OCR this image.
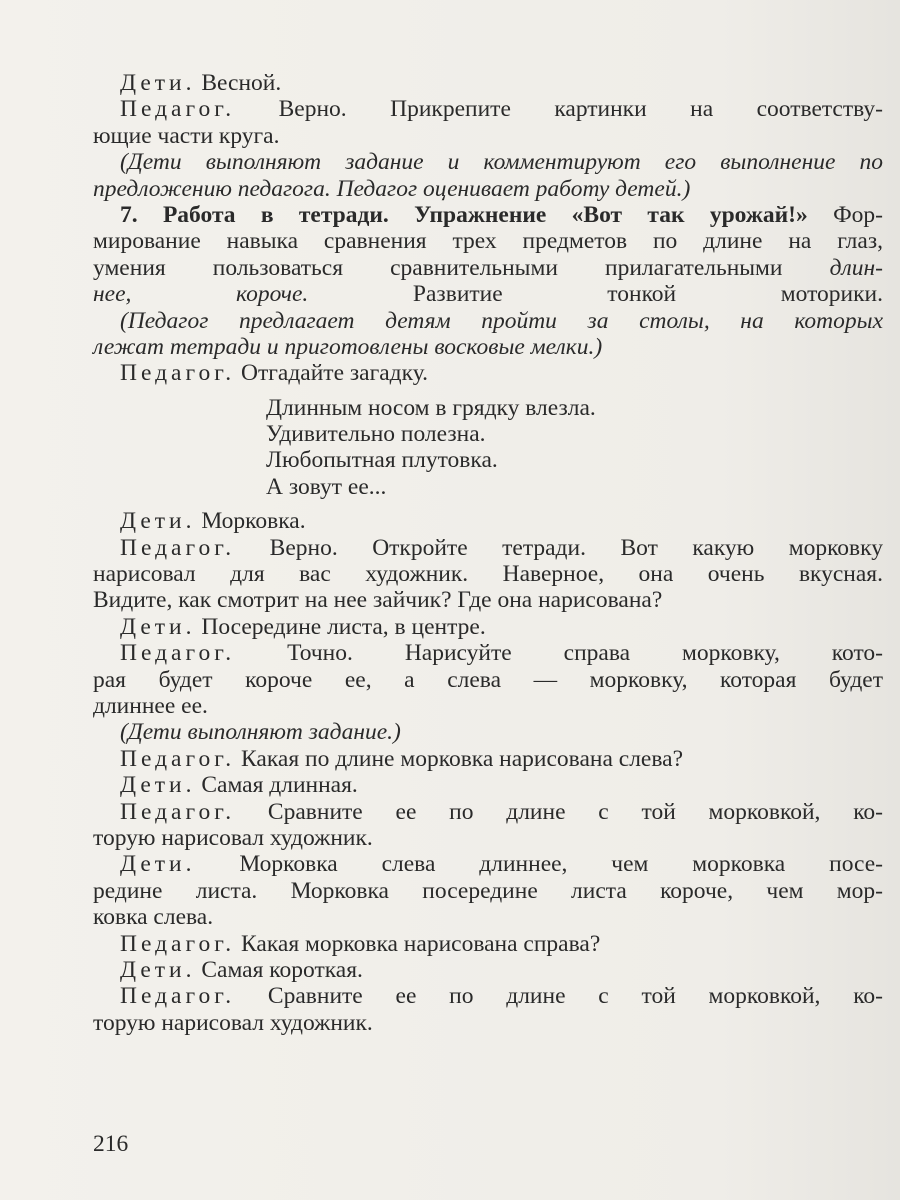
Дети. Весной.
Педагог. Верно. Прикрепите картинки на соответству-
ющие части круга.
(Дети выполняют задание и комментируют его выполнение по
предложению педагога. Педагог оценивает работу детей.)
7. Работа в тетради. Упражнение «Вот так урожай!» Фор-
мирование навыка сравнения трех предметов по длине на глаз,
умения пользоваться сравнительными прилагательными длин-
нее, короче. Развитие тонкой моторики.
(Педагог предлагает детям пройти за столы, на которых
лежат тетради и приготовлены восковые мелки.)
Педагог. Отгадайте загадку.
Длинным носом в грядку влезла.
Удивительно полезна.
Любопытная плутовка.
А зовут ее...
Дети. Морковка.
Педагог. Верно. Откройте тетради. Вот какую морковку
нарисовал для вас художник. Наверное, она очень вкусная.
Видите, как смотрит на нее зайчик? Где она нарисована?
Дети. Посередине листа, в центре.
Педагог. Точно. Нарисуйте справа морковку, кото-
рая будет короче ее, а слева — морковку, которая будет
длиннее ее.
(Дети выполняют задание.)
Педагог. Какая по длине морковка нарисована слева?
Дети. Самая длинная.
Педагог. Сравните ее по длине с той морковкой, ко-
торую нарисовал художник.
Дети. Морковка слева длиннее, чем морковка посе-
редине листа. Морковка посередине листа короче, чем мор-
ковка слева.
Педагог. Какая морковка нарисована справа?
Дети. Самая короткая.
Педагог. Сравните ее по длине с той морковкой, ко-
торую нарисовал художник.
216
